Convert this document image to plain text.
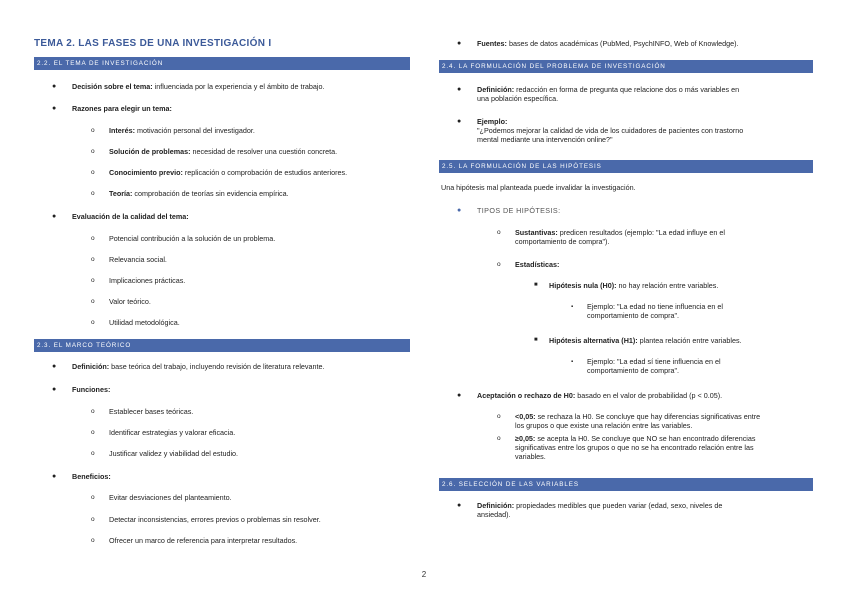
TEMA 2. LAS FASES DE UNA INVESTIGACIÓN I
2.2. EL TEMA DE INVESTIGACIÓN
● Decisión sobre el tema: influenciada por la experiencia y el ámbito de trabajo.
● Razones para elegir un tema:
o Interés: motivación personal del investigador.
o Solución de problemas: necesidad de resolver una cuestión concreta.
o Conocimiento previo: replicación o comprobación de estudios anteriores.
o Teoría: comprobación de teorías sin evidencia empírica.
● Evaluación de la calidad del tema:
o Potencial contribución a la solución de un problema.
o Relevancia social.
o Implicaciones prácticas.
o Valor teórico.
o Utilidad metodológica.
2.3. EL MARCO TEÓRICO
● Definición: base teórica del trabajo, incluyendo revisión de literatura relevante.
● Funciones:
o Establecer bases teóricas.
o Identificar estrategias y valorar eficacia.
o Justificar validez y viabilidad del estudio.
● Beneficios:
o Evitar desviaciones del planteamiento.
o Detectar inconsistencias, errores previos o problemas sin resolver.
o Ofrecer un marco de referencia para interpretar resultados.
● Fuentes: bases de datos académicas (PubMed, PsychINFO, Web of Knowledge).
2.4. LA FORMULACIÓN DEL PROBLEMA DE INVESTIGACIÓN
● Definición: redacción en forma de pregunta que relacione dos o más variables en
una población específica.
● Ejemplo:
"¿Podemos mejorar la calidad de vida de los cuidadores de pacientes con trastorno
mental mediante una intervención online?"
2.5. LA FORMULACIÓN DE LAS HIPÓTESIS
Una hipótesis mal planteada puede invalidar la investigación.
● TIPOS DE HIPÓTESIS:
o Sustantivas: predicen resultados (ejemplo: "La edad influye en el
comportamiento de compra").
o Estadísticas:
■ Hipótesis nula (H0): no hay relación entre variables.
▪ Ejemplo: "La edad no tiene influencia en el
comportamiento de compra".
■ Hipótesis alternativa (H1): plantea relación entre variables.
▪ Ejemplo: "La edad sí tiene influencia en el
comportamiento de compra".
● Aceptación o rechazo de H0: basado en el valor de probabilidad (p < 0.05).
o <0,05: se rechaza la H0. Se concluye que hay diferencias significativas entre
los grupos o que existe una relación entre las variables.
o ≥0,05: se acepta la H0. Se concluye que NO se han encontrado diferencias
significativas entre los grupos o que no se ha encontrado relación entre las
variables.
2.6. SELECCIÓN DE LAS VARIABLES
● Definición: propiedades medibles que pueden variar (edad, sexo, niveles de
ansiedad).
2
